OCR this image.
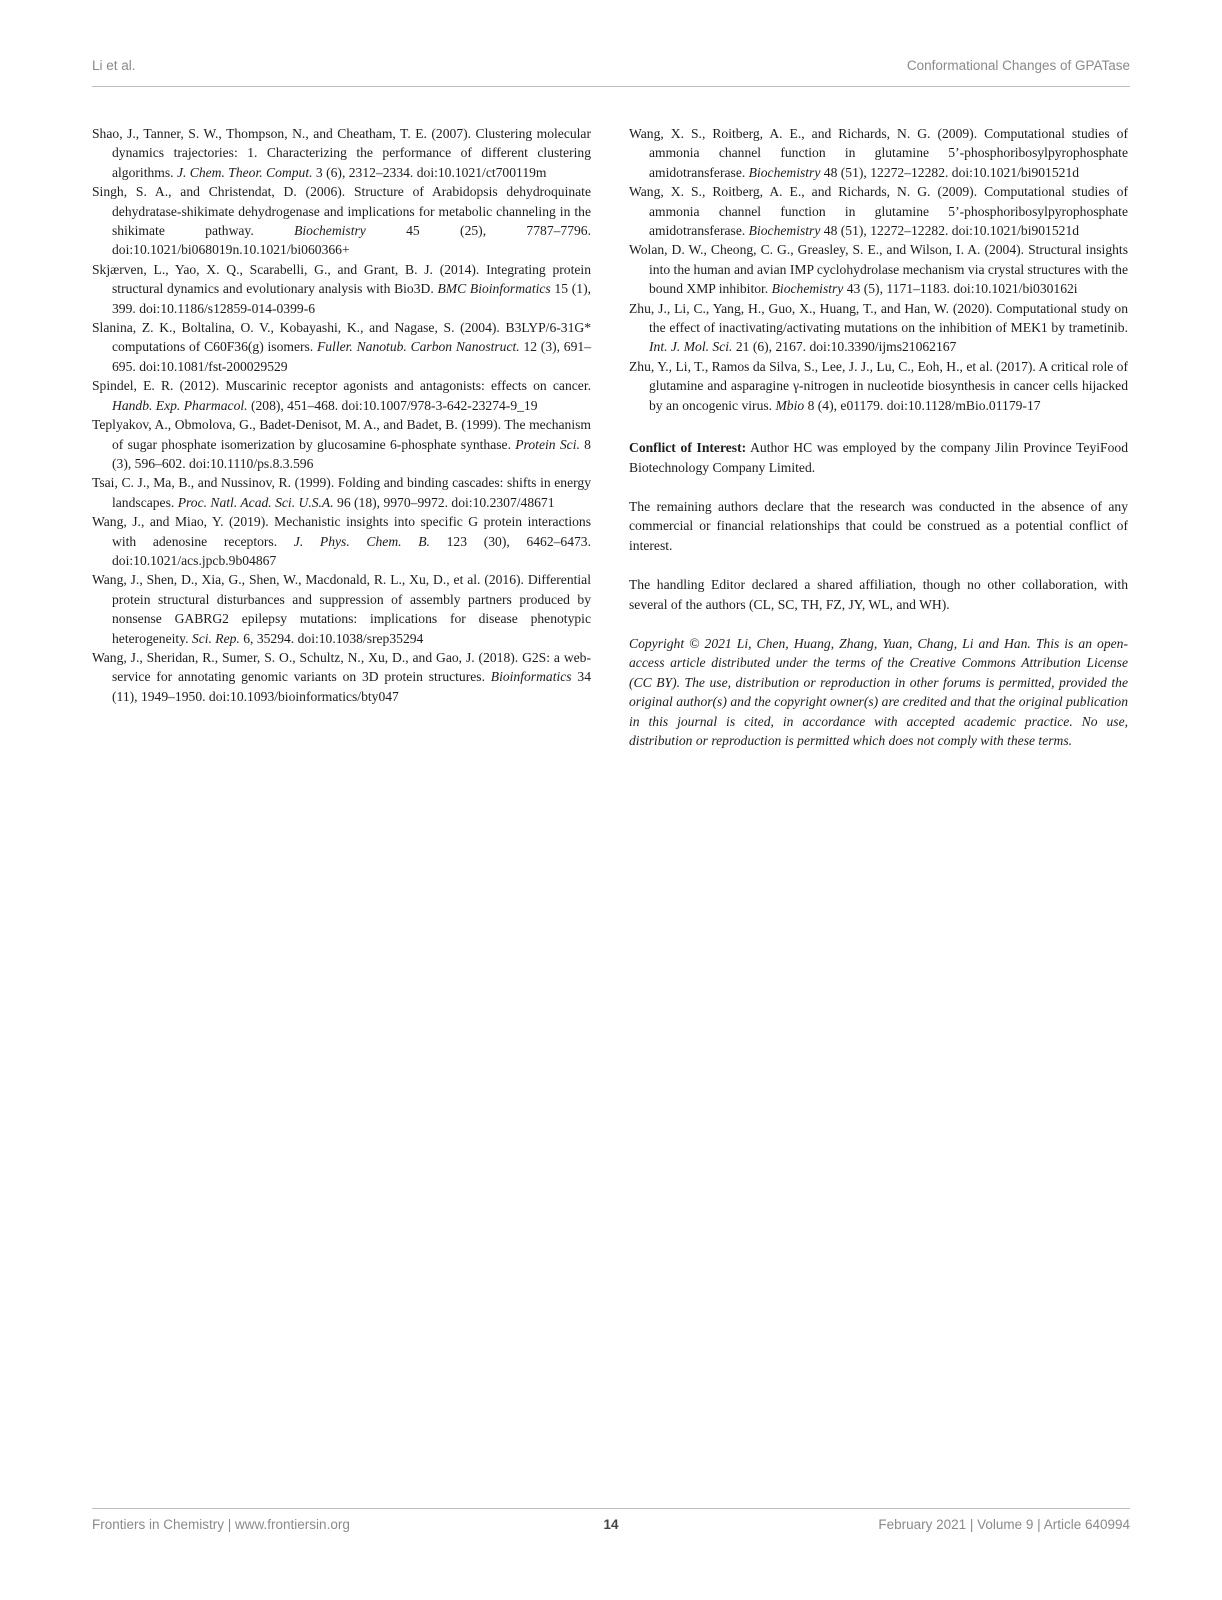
Li et al.	Conformational Changes of GPATase

Shao, J., Tanner, S. W., Thompson, N., and Cheatham, T. E. (2007). Clustering molecular dynamics trajectories: 1. Characterizing the performance of different clustering algorithms. J. Chem. Theor. Comput. 3 (6), 2312–2334. doi:10.1021/ct700119m

Singh, S. A., and Christendat, D. (2006). Structure of Arabidopsis dehydroquinate dehydratase-shikimate dehydrogenase and implications for metabolic channeling in the shikimate pathway. Biochemistry 45 (25), 7787–7796. doi:10.1021/bi068019n.10.1021/bi060366+

Skjærven, L., Yao, X. Q., Scarabelli, G., and Grant, B. J. (2014). Integrating protein structural dynamics and evolutionary analysis with Bio3D. BMC Bioinformatics 15 (1), 399. doi:10.1186/s12859-014-0399-6

Slanina, Z. K., Boltalina, O. V., Kobayashi, K., and Nagase, S. (2004). B3LYP/6-31G* computations of C60F36(g) isomers. Fuller. Nanotub. Carbon Nanostruct. 12 (3), 691–695. doi:10.1081/fst-200029529

Spindel, E. R. (2012). Muscarinic receptor agonists and antagonists: effects on cancer. Handb. Exp. Pharmacol. (208), 451–468. doi:10.1007/978-3-642-23274-9_19

Teplyakov, A., Obmolova, G., Badet-Denisot, M. A., and Badet, B. (1999). The mechanism of sugar phosphate isomerization by glucosamine 6-phosphate synthase. Protein Sci. 8 (3), 596–602. doi:10.1110/ps.8.3.596

Tsai, C. J., Ma, B., and Nussinov, R. (1999). Folding and binding cascades: shifts in energy landscapes. Proc. Natl. Acad. Sci. U.S.A. 96 (18), 9970–9972. doi:10.2307/48671

Wang, J., and Miao, Y. (2019). Mechanistic insights into specific G protein interactions with adenosine receptors. J. Phys. Chem. B. 123 (30), 6462–6473. doi:10.1021/acs.jpcb.9b04867

Wang, J., Shen, D., Xia, G., Shen, W., Macdonald, R. L., Xu, D., et al. (2016). Differential protein structural disturbances and suppression of assembly partners produced by nonsense GABRG2 epilepsy mutations: implications for disease phenotypic heterogeneity. Sci. Rep. 6, 35294. doi:10.1038/srep35294

Wang, J., Sheridan, R., Sumer, S. O., Schultz, N., Xu, D., and Gao, J. (2018). G2S: a web-service for annotating genomic variants on 3D protein structures. Bioinformatics 34 (11), 1949–1950. doi:10.1093/bioinformatics/bty047

Wang, X. S., Roitberg, A. E., and Richards, N. G. (2009). Computational studies of ammonia channel function in glutamine 5’-phosphoribosylpyrophosphate amidotransferase. Biochemistry 48 (51), 12272–12282. doi:10.1021/bi901521d

Wang, X. S., Roitberg, A. E., and Richards, N. G. (2009). Computational studies of ammonia channel function in glutamine 5’-phosphoribosylpyrophosphate amidotransferase. Biochemistry 48 (51), 12272–12282. doi:10.1021/bi901521d

Wolan, D. W., Cheong, C. G., Greasley, S. E., and Wilson, I. A. (2004). Structural insights into the human and avian IMP cyclohydrolase mechanism via crystal structures with the bound XMP inhibitor. Biochemistry 43 (5), 1171–1183. doi:10.1021/bi030162i

Zhu, J., Li, C., Yang, H., Guo, X., Huang, T., and Han, W. (2020). Computational study on the effect of inactivating/activating mutations on the inhibition of MEK1 by trametinib. Int. J. Mol. Sci. 21 (6), 2167. doi:10.3390/ijms21062167

Zhu, Y., Li, T., Ramos da Silva, S., Lee, J. J., Lu, C., Eoh, H., et al. (2017). A critical role of glutamine and asparagine γ-nitrogen in nucleotide biosynthesis in cancer cells hijacked by an oncogenic virus. Mbio 8 (4), e01179. doi:10.1128/mBio.01179-17

Conflict of Interest: Author HC was employed by the company Jilin Province TeyiFood Biotechnology Company Limited.

The remaining authors declare that the research was conducted in the absence of any commercial or financial relationships that could be construed as a potential conflict of interest.

The handling Editor declared a shared affiliation, though no other collaboration, with several of the authors (CL, SC, TH, FZ, JY, WL, and WH).

Copyright © 2021 Li, Chen, Huang, Zhang, Yuan, Chang, Li and Han. This is an open-access article distributed under the terms of the Creative Commons Attribution License (CC BY). The use, distribution or reproduction in other forums is permitted, provided the original author(s) and the copyright owner(s) are credited and that the original publication in this journal is cited, in accordance with accepted academic practice. No use, distribution or reproduction is permitted which does not comply with these terms.

Frontiers in Chemistry | www.frontiersin.org	14	February 2021 | Volume 9 | Article 640994
